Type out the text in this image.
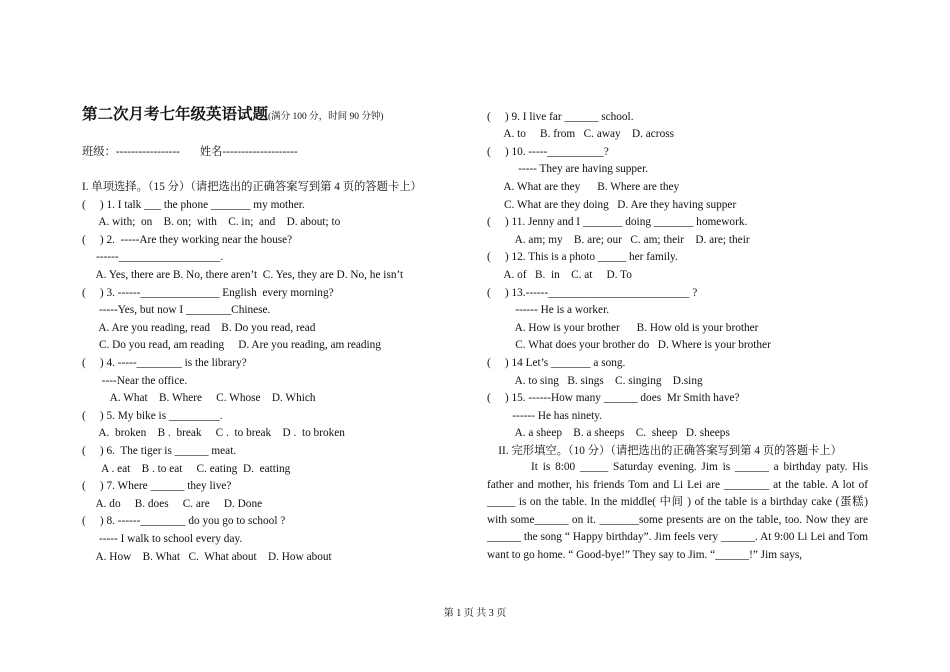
第二次月考七年级英语试题(满分 100 分，时间 90 分钟)
班级：----------------- 姓名--------------------
I. 单项选择。（15 分）（请把选出的正确答案写到第 4 页的答题卡上）
(     ) 1. I talk ___ the phone _______ my mother.
A. with;  on    B. on;  with    C. in;  and    D. about; to
(     ) 2.  -----Are they working near the house?
------__________________.
A. Yes, there are B. No, there aren’t  C. Yes, they are D. No, he isn’t
(     ) 3. ------______________ English  every morning?
-----Yes, but now I ________Chinese.
A. Are you reading, read    B. Do you read, read
C. Do you read, am reading     D. Are you reading, am reading
(     ) 4. -----________ is the library?
----Near the office.
A. What    B. Where     C. Whose    D. Which
(     ) 5. My bike is _________.
A.  broken    B .  break     C .  to break    D .  to broken
(     ) 6.  The tiger is ______ meat.
A . eat    B . to eat     C. eating  D.  eatting
(     ) 7. Where ______ they live?
A. do     B. does     C. are     D. Done
(     ) 8. ------________ do you go to school ?
----- I walk to school every day.
A. How    B. What   C.  What about    D. How about
(     ) 9. I live far ______ school.
A. to     B. from   C. away    D. across
(     ) 10. -----__________?
----- They are having supper.
A. What are they      B. Where are they
C. What are they doing   D. Are they having supper
(     ) 11. Jenny and I _______ doing _______ homework.
A. am; my    B. are; our   C. am; their    D. are; their
(     ) 12. This is a photo _____ her family.
A. of   B.  in    C. at     D. To
(     ) 13.------_________________________ ?
------ He is a worker.
A. How is your brother      B. How old is your brother
C. What does your brother do   D. Where is your brother
(     ) 14 Let’s _______ a song.
A. to sing   B. sings    C. singing    D.sing
(     ) 15. ------How many ______ does  Mr Smith have?
------ He has ninety.
A. a sheep    B. a sheeps    C.  sheep   D. sheeps
II. 完形填空。（10 分）（请把选出的正确答案写到第 4 页的答题卡上）
It is 8:00 _____ Saturday evening. Jim is ______ a birthday paty. His father and mother, his friends Tom and Li Lei are ________ at the table. A lot of _____ is on the table. In the middle( 中间 ) of the table is a birthday cake (蛋糕) with some______ on it. _______some presents are on the table, too. Now they are ______ the song “ Happy birthday”. Jim feels very ______. At 9:00 Li Lei and Tom want to go home. “ Good-bye!” They say to Jim. “______!” Jim says,
第 1 页 共 3 页
